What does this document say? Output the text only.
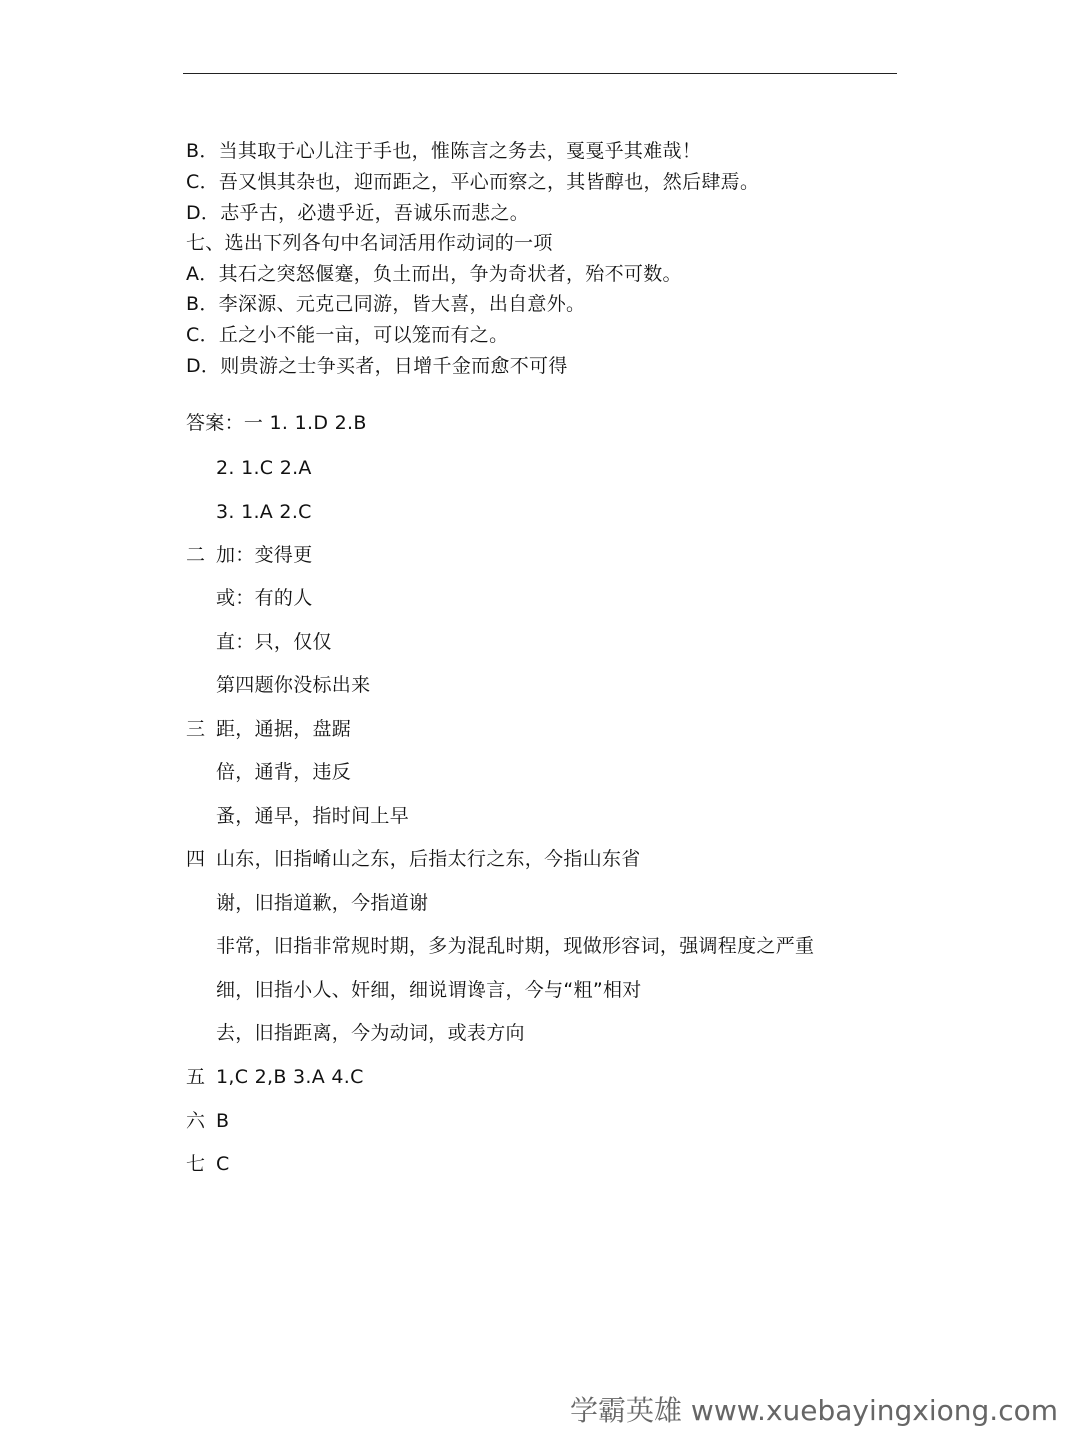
B．当其取于心儿注于手也，惟陈言之务去，戛戛乎其难哉！
C．吾又惧其杂也，迎而距之，平心而察之，其皆醇也，然后肆焉。
D．志乎古，必遗乎近，吾诚乐而悲之。
七、选出下列各句中名词活用作动词的一项
A．其石之突怒偃蹇，负土而出，争为奇状者，殆不可数。
B．李深源、元克己同游，皆大喜，出自意外。
C．丘之小不能一亩，可以笼而有之。
D．则贵游之士争买者，日增千金而愈不可得
答案：一 1. 1.D 2.B
2. 1.C 2.A
3. 1.A 2.C
二 加：变得更
或：有的人
直：只，仅仅
第四题你没标出来
三 距，通据，盘踞
倍，通背，违反
蚤，通早，指时间上早
四 山东，旧指崤山之东，后指太行之东，今指山东省
谢，旧指道歉，今指道谢
非常，旧指非常规时期，多为混乱时期，现做形容词，强调程度之严重
细，旧指小人、奸细，细说谓谗言，今与“粗”相对
去，旧指距离，今为动词，或表方向
五 1,C 2,B 3.A 4.C
六 B
七 C
学霸英雄 www.xuebayingxiong.com
